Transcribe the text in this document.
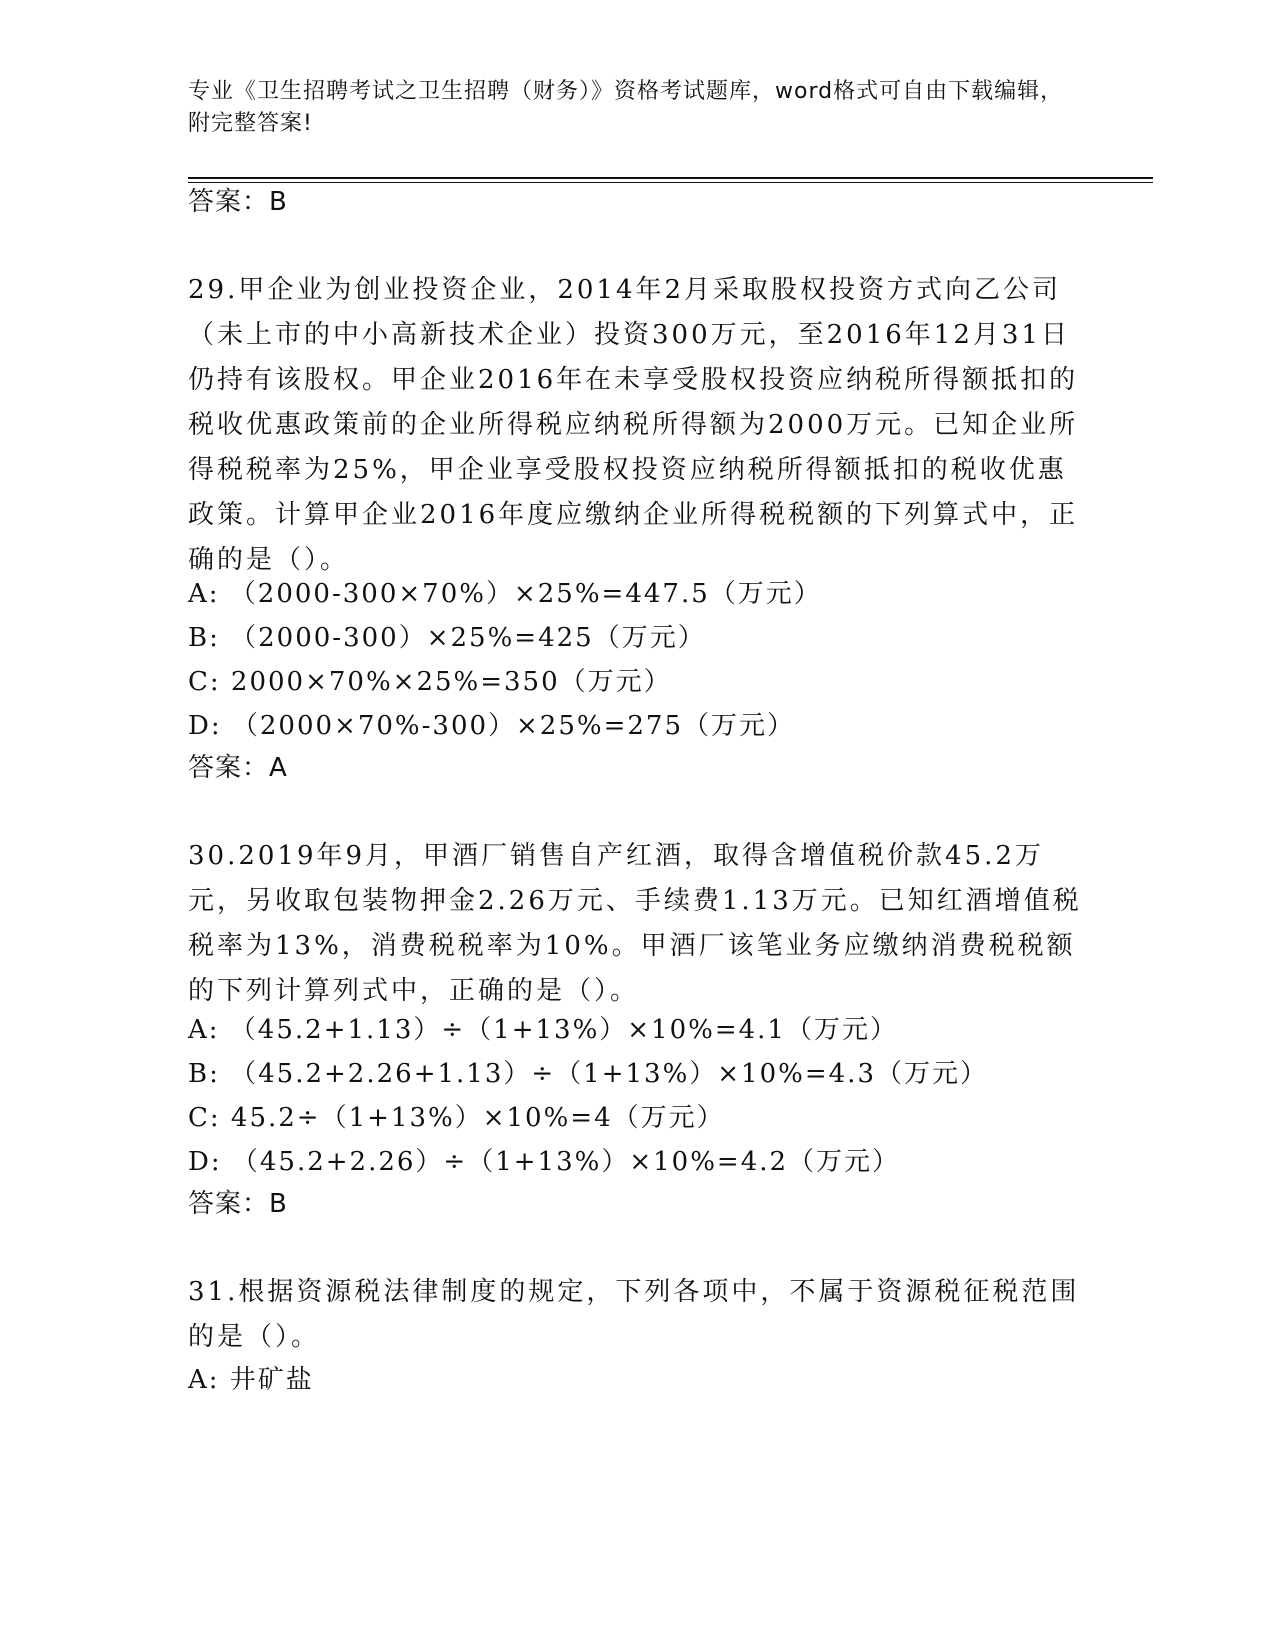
专业《卫生招聘考试之卫生招聘（财务）》资格考试题库，word格式可自由下载编辑，附完整答案!
答案：B
29.甲企业为创业投资企业，2014年2月采取股权投资方式向乙公司（未上市的中小高新技术企业）投资300万元，至2016年12月31日仍持有该股权。甲企业2016年在未享受股权投资应纳税所得额抵扣的税收优惠政策前的企业所得税应纳税所得额为2000万元。已知企业所得税税率为25%，甲企业享受股权投资应纳税所得额抵扣的税收优惠政策。计算甲企业2016年度应缴纳企业所得税税额的下列算式中，正确的是（）。
A: （2000-300×70%）×25%=447.5（万元）
B: （2000-300）×25%=425（万元）
C: 2000×70%×25%=350（万元）
D: （2000×70%-300）×25%=275（万元）
答案：A
30.2019年9月，甲酒厂销售自产红酒，取得含增值税价款45.2万元，另收取包装物押金2.26万元、手续费1.13万元。已知红酒增值税税率为13%，消费税税率为10%。甲酒厂该笔业务应缴纳消费税税额的下列计算列式中，正确的是（）。
A: （45.2+1.13）÷（1+13%）×10%=4.1（万元）
B: （45.2+2.26+1.13）÷（1+13%）×10%=4.3（万元）
C: 45.2÷（1+13%）×10%=4（万元）
D: （45.2+2.26）÷（1+13%）×10%=4.2（万元）
答案：B
31.根据资源税法律制度的规定，下列各项中，不属于资源税征税范围的是（）。
A: 井矿盐
